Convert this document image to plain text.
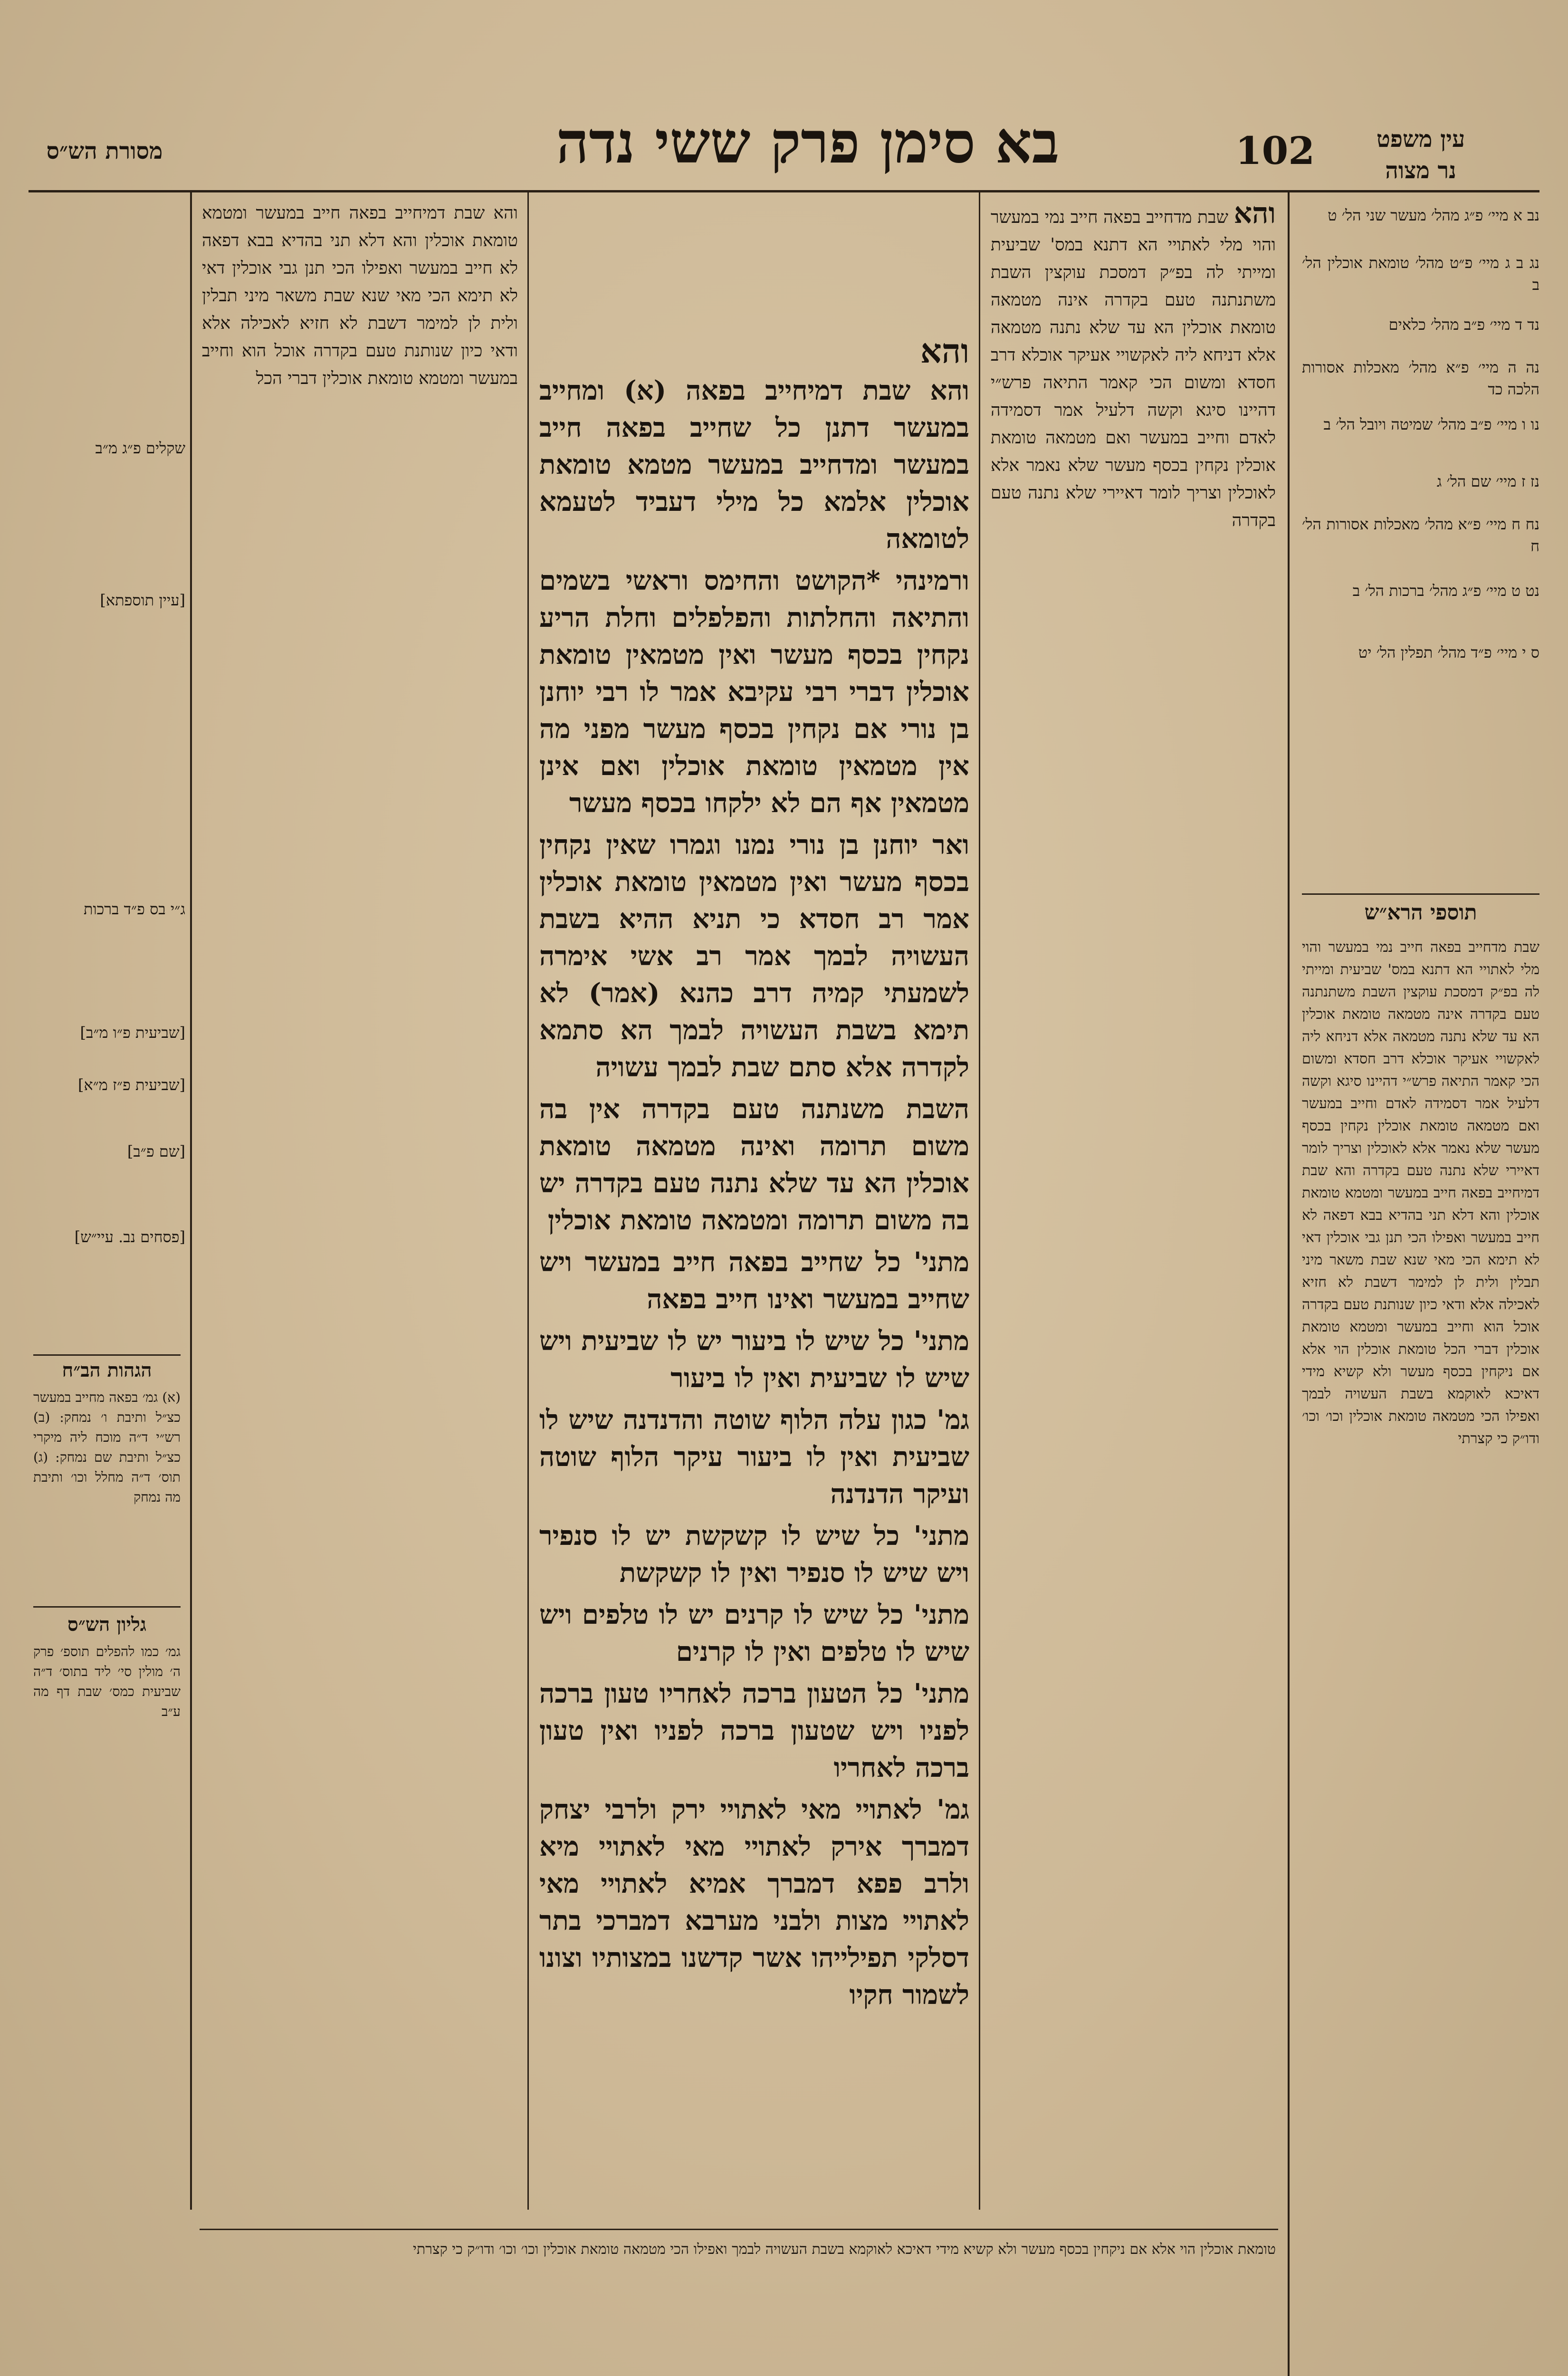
בא סימן פרק ששי נדה	102	עין משפט
נר מצוה
מסורת הש״ס
והא שבת מדחייב בפאה חייב נמי במעשר והוי מלי לאתויי הא דתנא במס' שביעית ומייתי לה בפ״ק דמסכת עוקצין השבת משתנתנה טעם בקדרה אינה מטמאה טומאת אוכלין הא עד שלא נתנה מטמאה אלא דניחא ליה לאקשויי אעיקר אוכלא דרב חסדא ומשום הכי קאמר התיאה פרש״י דהיינו סיגא וקשה דלעיל אמר דסמידה לאדם וחייב במעשר ואם מטמאה טומאת אוכלין נקחין בכסף מעשר שלא נאמר אלא לאוכלין וצריך לומר דאיירי שלא נתנה טעם בקדרה
והא

והא שבת דמיחייב בפאה (א) ומחייב במעשר דתנן כל שחייב בפאה חייב במעשר ומדחייב במעשר מטמא טומאת אוכלין אלמא כל מילי דעביד לטעמא לטומאה

ורמינהי *הקושט והחימס וראשי בשמים והתיאה והחלתות והפלפלים וחלת הריע נקחין בכסף מעשר ואין מטמאין טומאת אוכלין דברי רבי עקיבא אמר לו רבי יוחנן בן נורי אם נקחין בכסף מעשר מפני מה אין מטמאין טומאת אוכלין ואם אינן מטמאין אף הם לא ילקחו בכסף מעשר

ואר יוחנן בן נורי נמנו וגמרו שאין נקחין בכסף מעשר ואין מטמאין טומאת אוכלין אמר רב חסדא כי תניא ההיא בשבת העשויה לבמך אמר רב אשי אימרה לשמעתי קמיה דרב כהנא (אמר) לא תימא בשבת העשויה לבמך הא סתמא לקדרה אלא סתם שבת לבמך עשויה

השבת משנתנה טעם בקדרה אין בה משום תרומה ואינה מטמאה טומאת אוכלין הא עד שלא נתנה טעם בקדרה יש בה משום תרומה ומטמאה טומאת אוכלין

מתני' כל שחייב בפאה חייב במעשר ויש שחייב במעשר ואינו חייב בפאה

מתני' כל שיש לו ביעור יש לו שביעית ויש שיש לו שביעית ואין לו ביעור

גמ' כגון עלה הלוף שוטה והדנדנה שיש לו שביעית ואין לו ביעור עיקר הלוף שוטה ועיקר הדנדנה

מתני' כל שיש לו קשקשת יש לו סנפיר ויש שיש לו סנפיר ואין לו קשקשת

מתני' כל שיש לו קרנים יש לו טלפים ויש שיש לו טלפים ואין לו קרנים

מתני' כל הטעון ברכה לאחריו טעון ברכה לפניו ויש שטעון ברכה לפניו ואין טעון ברכה לאחריו

גמ' לאתויי מאי לאתויי ירק ולרבי יצחק דמברך אירק לאתויי מאי לאתויי מיא ולרב פפא דמברך אמיא לאתויי מאי לאתויי מצות ולבני מערבא דמברכי בתר דסלקי תפילייהו אשר קדשנו במצותיו וצונו לשמור חקיו

והא שבת דמיחייב בפאה חייב במעשר ומטמא טומאת אוכלין והא דלא תני בהדיא בבא דפאה לא חייב במעשר ואפילו הכי תנן גבי אוכלין דאי לא תימא הכי מאי שנא שבת משאר מיני תבלין ולית לן למימר דשבת לא חזיא לאכילה אלא ודאי כיון שנותנת טעם בקדרה אוכל הוא וחייב במעשר ומטמא טומאת אוכלין דברי הכל
נב א מיי׳ פ״ג מהל׳ מעשר שני הל׳ ט
נג ב ג מיי׳ פ״ט מהל׳ טומאת אוכלין הל׳ ב
נד ד מיי׳ פ״ב מהל׳ כלאים
נה ה מיי׳ פ״א מהל׳ מאכלות אסורות הלכה כד
נו ו מיי׳ פ״ב מהל׳ שמיטה ויובל הל׳ ב
נז ז מיי׳ שם הל׳ ג
נח ח מיי׳ פ״א מהל׳ מאכלות אסורות הל׳ ח
נט ט מיי׳ פ״ג מהל׳ ברכות הל׳ ב
ס י מיי׳ פ״ד מהל׳ תפלין הל׳ יט
תוספי הרא״ש
שבת מדחייב בפאה חייב נמי במעשר והוי מלי לאתויי הא דתנא במס' שביעית ומייתי לה בפ״ק דמסכת עוקצין השבת משתנתנה טעם בקדרה אינה מטמאה טומאת אוכלין הא עד שלא נתנה מטמאה אלא דניחא ליה לאקשויי אעיקר אוכלא דרב חסדא ומשום הכי קאמר התיאה פרש״י דהיינו סיגא וקשה דלעיל אמר דסמידה לאדם וחייב במעשר ואם מטמאה טומאת אוכלין נקחין בכסף מעשר שלא נאמר אלא לאוכלין וצריך לומר דאיירי שלא נתנה טעם בקדרה והא שבת דמיחייב בפאה חייב במעשר ומטמא טומאת אוכלין והא דלא תני בהדיא בבא דפאה לא חייב במעשר ואפילו הכי תנן גבי אוכלין דאי לא תימא הכי מאי שנא שבת משאר מיני תבלין ולית לן למימר דשבת לא חזיא לאכילה אלא ודאי כיון שנותנת טעם בקדרה אוכל הוא וחייב במעשר ומטמא טומאת אוכלין דברי הכל טומאת אוכלין הוי אלא אם ניקחין בכסף מעשר ולא קשיא מידי דאיכא לאוקמא בשבת העשויה לבמך ואפילו הכי מטמאה טומאת אוכלין וכו׳ וכו׳ ודו״ק כי קצרתי
שקלים פ״ג מ״ב
[עיין תוספתא]
ג״י בס פ״ד ברכות
[שביעית פ״ו מ״ב]
[שביעית פ״ז מ״א]
[שם פ״ב]
[פסחים נב. עיי״ש]
הגהות הב״ח
(א) גמ׳ בפאה מחייב במעשר כצ״ל ותיבת ו׳ נמחק: (ב) רש״י ד״ה מוכח ליה מיקרי כצ״ל ותיבת שם נמחק: (ג) תוס׳ ד״ה מחלל וכו׳ ותיבת מה נמחק
גליון הש״ס
גמ׳ כמו להפלים תוספ׳ פרק ה׳ מולין סי׳ ליד בתוס׳ ד״ה שביעית כמס׳ שבת דף מה ע״ב
טומאת אוכלין הוי אלא אם ניקחין בכסף מעשר ולא קשיא מידי דאיכא לאוקמא בשבת העשויה לבמך ואפילו הכי מטמאה טומאת אוכלין וכו׳ וכו׳ ודו״ק כי קצרתי
